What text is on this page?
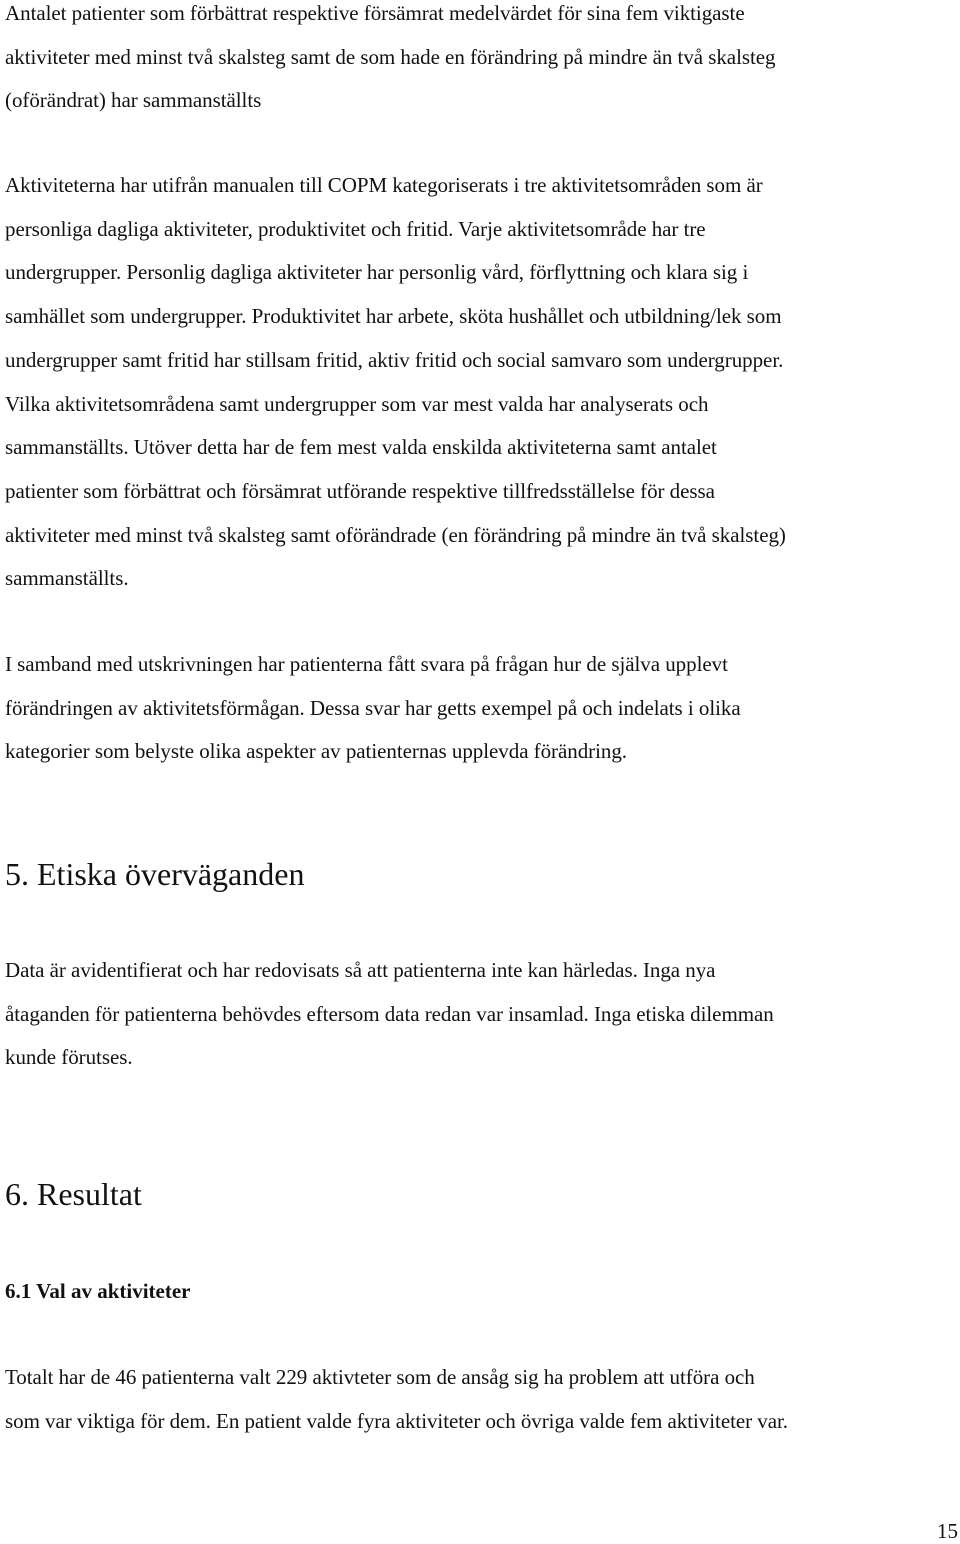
Antalet patienter som förbättrat respektive försämrat medelvärdet för sina fem viktigaste
aktiviteter med minst två skalsteg samt de som hade en förändring på mindre än två skalsteg
(oförändrat) har sammanställts

Aktiviteterna har utifrån manualen till COPM kategoriserats i tre aktivitetsområden som är
personliga dagliga aktiviteter, produktivitet och fritid. Varje aktivitetsområde har tre
undergrupper. Personlig dagliga aktiviteter har personlig vård, förflyttning och klara sig i
samhället som undergrupper. Produktivitet har arbete, sköta hushållet och utbildning/lek som
undergrupper samt fritid har stillsam fritid, aktiv fritid och social samvaro som undergrupper.
Vilka aktivitetsområdena samt undergrupper som var mest valda har analyserats och
sammanställts. Utöver detta har de fem mest valda enskilda aktiviteterna samt antalet
patienter som förbättrat och försämrat utförande respektive tillfredsställelse för dessa
aktiviteter med minst två skalsteg samt oförändrade (en förändring på mindre än två skalsteg)
sammanställts.

I samband med utskrivningen har patienterna fått svara på frågan hur de själva upplevt
förändringen av aktivitetsförmågan. Dessa svar har getts exempel på och indelats i olika
kategorier som belyste olika aspekter av patienternas upplevda förändring.

5. Etiska överväganden

Data är avidentifierat och har redovisats så att patienterna inte kan härledas. Inga nya
åtaganden för patienterna behövdes eftersom data redan var insamlad. Inga etiska dilemman
kunde förutses.

6. Resultat
6.1 Val av aktiviteter

Totalt har de 46 patienterna valt 229 aktivteter som de ansåg sig ha problem att utföra och
som var viktiga för dem. En patient valde fyra aktiviteter och övriga valde fem aktiviteter var.

15
